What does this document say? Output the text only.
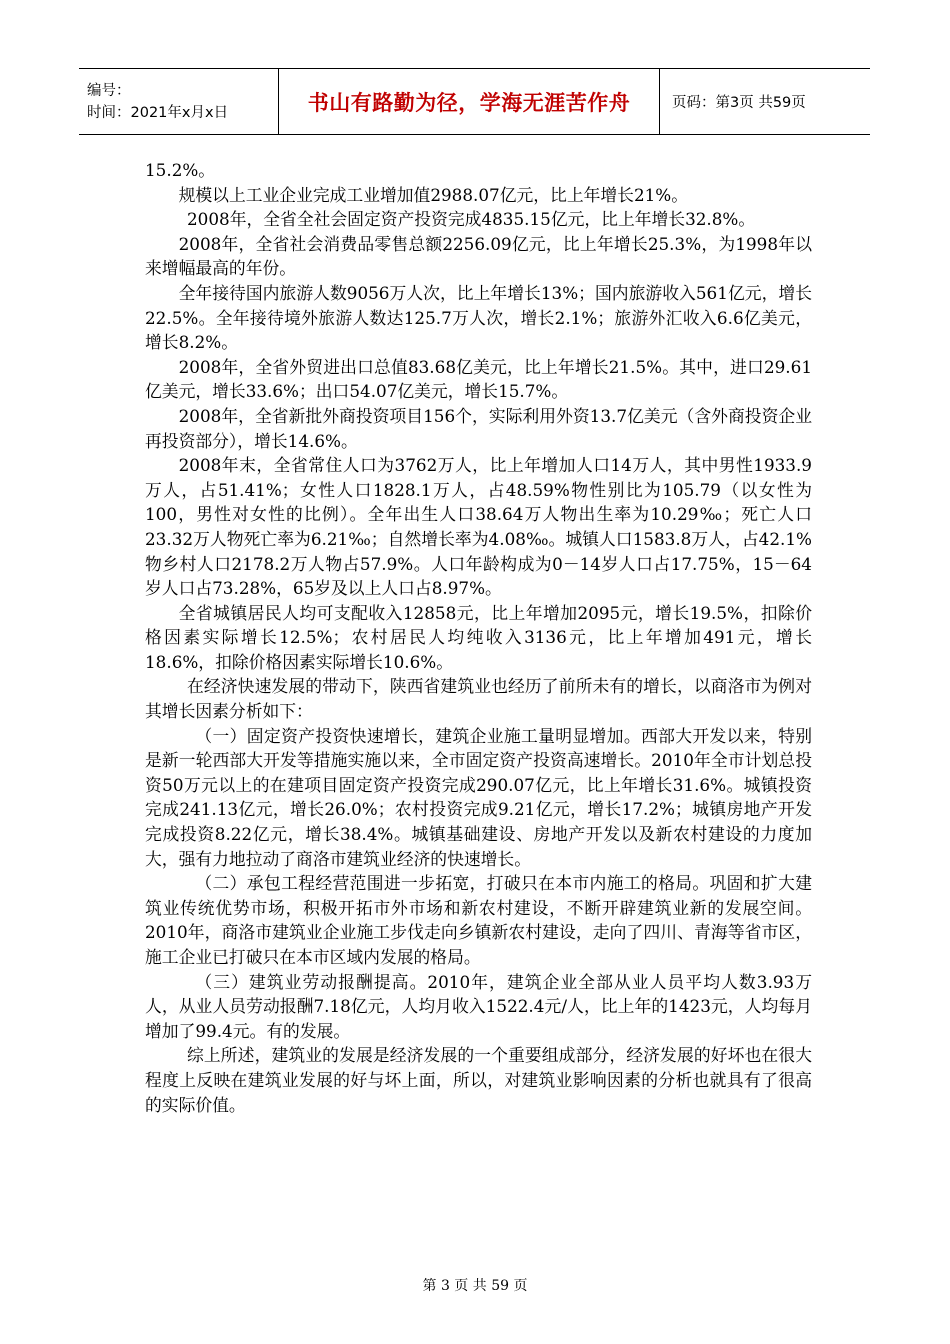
编号：
时间：2021年x月x日	书山有路勤为径，学海无涯苦作舟	页码：第3页 共59页

15.2%。

规模以上工业企业完成工业增加值2988.07亿元，比上年增长21%。

2008年，全省全社会固定资产投资完成4835.15亿元，比上年增长32.8%。

2008年，全省社会消费品零售总额2256.09亿元，比上年增长25.3%，为1998年以来增幅最高的年份。

全年接待国内旅游人数9056万人次，比上年增长13%；国内旅游收入561亿元，增长22.5%。全年接待境外旅游人数达125.7万人次，增长2.1%；旅游外汇收入6.6亿美元，增长8.2%。

2008年，全省外贸进出口总值83.68亿美元，比上年增长21.5%。其中，进口29.61亿美元，增长33.6%；出口54.07亿美元，增长15.7%。

2008年，全省新批外商投资项目156个，实际利用外资13.7亿美元（含外商投资企业再投资部分），增长14.6%。

2008年末，全省常住人口为3762万人，比上年增加人口14万人，其中男性1933.9万人，占51.41%；女性人口1828.1万人，占48.59%物性别比为105.79（以女性为100，男性对女性的比例）。全年出生人口38.64万人物出生率为10.29‰；死亡人口23.32万人物死亡率为6.21‰；自然增长率为4.08‰。城镇人口1583.8万人，占42.1%物乡村人口2178.2万人物占57.9%。人口年龄构成为0－14岁人口占17.75%，15－64岁人口占73.28%，65岁及以上人口占8.97%。

全省城镇居民人均可支配收入12858元，比上年增加2095元，增长19.5%，扣除价格因素实际增长12.5%；农村居民人均纯收入3136元，比上年增加491元，增长18.6%，扣除价格因素实际增长10.6%。

在经济快速发展的带动下，陕西省建筑业也经历了前所未有的增长，以商洛市为例对其增长因素分析如下：

（一）固定资产投资快速增长，建筑企业施工量明显增加。西部大开发以来，特别是新一轮西部大开发等措施实施以来，全市固定资产投资高速增长。2010年全市计划总投资50万元以上的在建项目固定资产投资完成290.07亿元，比上年增长31.6%。城镇投资完成241.13亿元，增长26.0%；农村投资完成9.21亿元，增长17.2%；城镇房地产开发完成投资8.22亿元，增长38.4%。城镇基础建设、房地产开发以及新农村建设的力度加大，强有力地拉动了商洛市建筑业经济的快速增长。

（二）承包工程经营范围进一步拓宽，打破只在本市内施工的格局。巩固和扩大建筑业传统优势市场，积极开拓市外市场和新农村建设，不断开辟建筑业新的发展空间。2010年，商洛市建筑业企业施工步伐走向乡镇新农村建设，走向了四川、青海等省市区，施工企业已打破只在本市区域内发展的格局。

（三）建筑业劳动报酬提高。2010年，建筑企业全部从业人员平均人数3.93万人，从业人员劳动报酬7.18亿元，人均月收入1522.4元/人，比上年的1423元，人均每月增加了99.4元。有的发展。

综上所述，建筑业的发展是经济发展的一个重要组成部分，经济发展的好坏也在很大程度上反映在建筑业发展的好与坏上面，所以，对建筑业影响因素的分析也就具有了很高的实际价值。

第 3 页 共 59 页
